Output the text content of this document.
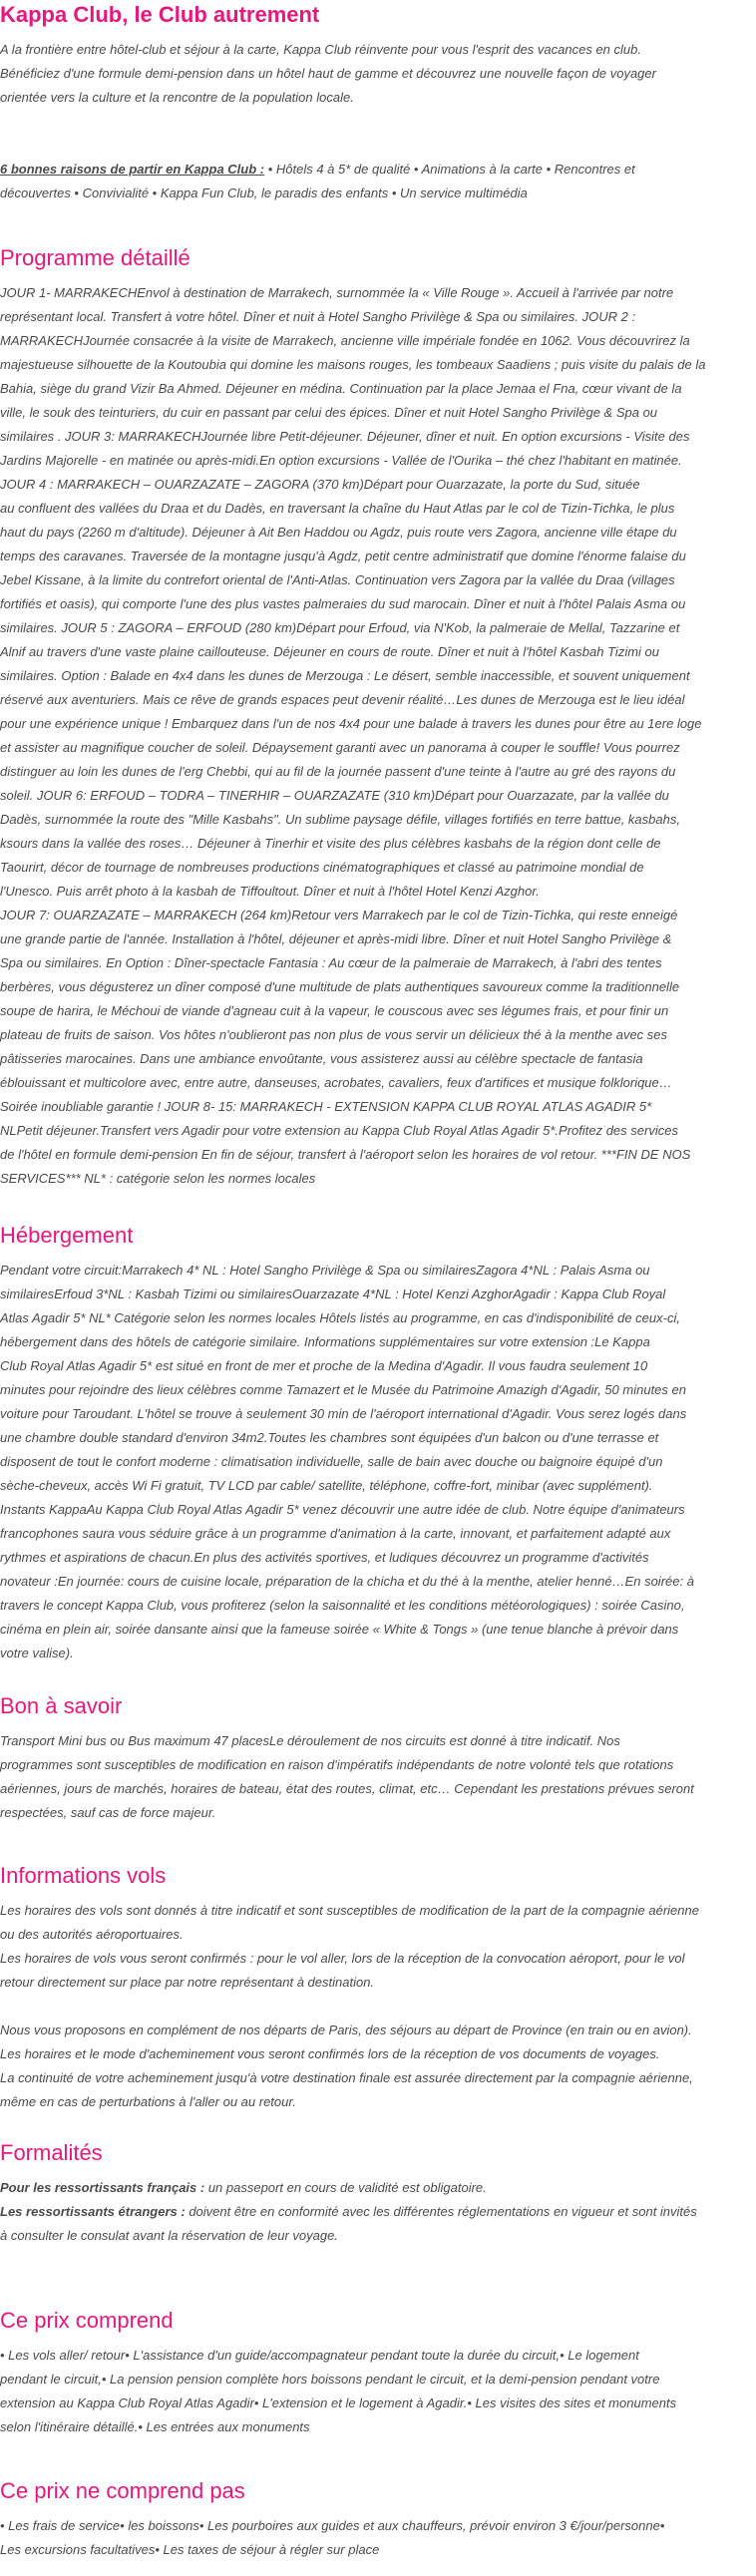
Kappa Club, le Club autrement

A la frontière entre hôtel-club et séjour à la carte, Kappa Club réinvente pour vous l'esprit des vacances en club.

Bénéficiez d'une formule demi-pension dans un hôtel haut de gamme et découvrez une nouvelle façon de voyager

orientée vers la culture et la rencontre de la population locale.

6 bonnes raisons de partir en Kappa Club : • Hôtels 4 à 5* de qualité • Animations à la carte • Rencontres et

découvertes • Convivialité • Kappa Fun Club, le paradis des enfants • Un service multimédia

Programme détaillé

JOUR 1- MARRAKECHEnvol à destination de Marrakech, surnommée la « Ville Rouge ». Accueil à l'arrivée par notre

représentant local. Transfert à votre hôtel. Dîner et nuit à Hotel Sangho Privilège & Spa ou similaires. JOUR 2 :

MARRAKECHJournée consacrée à la visite de Marrakech, ancienne ville impériale fondée en 1062. Vous découvrirez la

majestueuse silhouette de la Koutoubia qui domine les maisons rouges, les tombeaux Saadiens ; puis visite du palais de la

Bahia, siège du grand Vizir Ba Ahmed. Déjeuner en médina. Continuation par la place Jemaa el Fna, cœur vivant de la

ville, le souk des teinturiers, du cuir en passant par celui des épices. Dîner et nuit Hotel Sangho Privilège & Spa ou

similaires . JOUR 3: MARRAKECHJournée libre Petit-déjeuner. Déjeuner, dîner et nuit. En option excursions - Visite des

Jardins Majorelle - en matinée ou après-midi.En option excursions - Vallée de l'Ourika – thé chez l'habitant en matinée.

JOUR 4 : MARRAKECH – OUARZAZATE – ZAGORA (370 km)Départ pour Ouarzazate, la porte du Sud, située

au confluent des vallées du Draa et du Dadès, en traversant la chaîne du Haut Atlas par le col de Tizin-Tichka, le plus

haut du pays (2260 m d'altitude). Déjeuner à Ait Ben Haddou ou Agdz, puis route vers Zagora, ancienne ville étape du

temps des caravanes. Traversée de la montagne jusqu'à Agdz, petit centre administratif que domine l'énorme falaise du

Jebel Kissane, à la limite du contrefort oriental de l'Anti-Atlas. Continuation vers Zagora par la vallée du Draa (villages

fortifiés et oasis), qui comporte l'une des plus vastes palmeraies du sud marocain. Dîner et nuit à l'hôtel Palais Asma ou

similaires. JOUR 5 : ZAGORA – ERFOUD (280 km)Départ pour Erfoud, via N'Kob, la palmeraie de Mellal, Tazzarine et

Alnif au travers d'une vaste plaine caillouteuse. Déjeuner en cours de route. Dîner et nuit à l'hôtel Kasbah Tizimi ou

similaires. Option : Balade en 4x4 dans les dunes de Merzouga : Le désert, semble inaccessible, et souvent uniquement

réservé aux aventuriers. Mais ce rêve de grands espaces peut devenir réalité…Les dunes de Merzouga est le lieu idéal

pour une expérience unique ! Embarquez dans l'un de nos 4x4 pour une balade à travers les dunes pour être au 1ere loge

et assister au magnifique coucher de soleil. Dépaysement garanti avec un panorama à couper le souffle! Vous pourrez

distinguer au loin les dunes de l'erg Chebbi, qui au fil de la journée passent d'une teinte à l'autre au gré des rayons du

soleil. JOUR 6: ERFOUD – TODRA – TINERHIR – OUARZAZATE (310 km)Départ pour Ouarzazate, par la vallée du

Dadès, surnommée la route des "Mille Kasbahs". Un sublime paysage défile, villages fortifiés en terre battue, kasbahs,

ksours dans la vallée des roses… Déjeuner à Tinerhir et visite des plus célèbres kasbahs de la région dont celle de

Taourirt, décor de tournage de nombreuses productions cinématographiques et classé au patrimoine mondial de

l'Unesco. Puis arrêt photo à la kasbah de Tiffoultout. Dîner et nuit à l'hôtel Hotel Kenzi Azghor.

JOUR 7: OUARZAZATE – MARRAKECH (264 km)Retour vers Marrakech par le col de Tizin-Tichka, qui reste enneigé

une grande partie de l'année. Installation à l'hôtel, déjeuner et après-midi libre. Dîner et nuit Hotel Sangho Privilège &

Spa ou similaires. En Option : Dîner-spectacle Fantasia : Au cœur de la palmeraie de Marrakech, à l'abri des tentes

berbères, vous dégusterez un dîner composé d'une multitude de plats authentiques savoureux comme la traditionnelle

soupe de harira, le Méchoui de viande d'agneau cuit à la vapeur, le couscous avec ses légumes frais, et pour finir un

plateau de fruits de saison. Vos hôtes n'oublieront pas non plus de vous servir un délicieux thé à la menthe avec ses

pâtisseries marocaines. Dans une ambiance envoûtante, vous assisterez aussi au célèbre spectacle de fantasia

éblouissant et multicolore avec, entre autre, danseuses, acrobates, cavaliers, feux d'artifices et musique folklorique…

Soirée inoubliable garantie ! JOUR 8- 15: MARRAKECH - EXTENSION KAPPA CLUB ROYAL ATLAS AGADIR 5*

NLPetit déjeuner.Transfert vers Agadir pour votre extension au Kappa Club Royal Atlas Agadir 5*.Profitez des services

de l'hôtel en formule demi-pension En fin de séjour, transfert à l'aéroport selon les horaires de vol retour. ***FIN DE NOS

SERVICES*** NL* : catégorie selon les normes locales

Hébergement

Pendant votre circuit:Marrakech 4* NL : Hotel Sangho Privilège & Spa ou similairesZagora 4*NL : Palais Asma ou

similairesErfoud 3*NL : Kasbah Tizimi ou similairesOuarzazate 4*NL : Hotel Kenzi AzghorAgadir : Kappa Club Royal

Atlas Agadir 5* NL* Catégorie selon les normes locales Hôtels listés au programme, en cas d'indisponibilité de ceux-ci,

hébergement dans des hôtels de catégorie similaire. Informations supplémentaires sur votre extension :Le Kappa

Club Royal Atlas Agadir 5* est situé en front de mer et proche de la Medina d'Agadir. Il vous faudra seulement 10

minutes pour rejoindre des lieux célèbres comme Tamazert et le Musée du Patrimoine Amazigh d'Agadir, 50 minutes en

voiture pour Taroudant. L'hôtel se trouve à seulement 30 min de l'aéroport international d'Agadir. Vous serez logés dans

une chambre double standard d'environ 34m2.Toutes les chambres sont équipées d'un balcon ou d'une terrasse et

disposent de tout le confort moderne : climatisation individuelle, salle de bain avec douche ou baignoire équipé d'un

sèche-cheveux, accès Wi Fi gratuit, TV LCD par cable/ satellite, téléphone, coffre-fort, minibar (avec supplément).

Instants KappaAu Kappa Club Royal Atlas Agadir 5* venez découvrir une autre idée de club. Notre équipe d'animateurs

francophones saura vous séduire grâce à un programme d'animation à la carte, innovant, et parfaitement adapté aux

rythmes et aspirations de chacun.En plus des activités sportives, et ludiques découvrez un programme d'activités

novateur :En journée: cours de cuisine locale, préparation de la chicha et du thé à la menthe, atelier henné…En soirée: à

travers le concept Kappa Club, vous profiterez (selon la saisonnalité et les conditions météorologiques) : soirée Casino,

cinéma en plein air, soirée dansante ainsi que la fameuse soirée « White & Tongs » (une tenue blanche à prévoir dans

votre valise).

Bon à savoir

Transport Mini bus ou Bus maximum 47 placesLe déroulement de nos circuits est donné à titre indicatif. Nos

programmes sont susceptibles de modification en raison d'impératifs indépendants de notre volonté tels que rotations

aériennes, jours de marchés, horaires de bateau, état des routes, climat, etc… Cependant les prestations prévues seront

respectées, sauf cas de force majeur.

Informations vols

Les horaires des vols sont donnés à titre indicatif et sont susceptibles de modification de la part de la compagnie aérienne

ou des autorités aéroportuaires.

Les horaires de vols vous seront confirmés : pour le vol aller, lors de la réception de la convocation aéroport, pour le vol

retour directement sur place par notre représentant à destination.

Nous vous proposons en complément de nos départs de Paris, des séjours au départ de Province (en train ou en avion).

Les horaires et le mode d'acheminement vous seront confirmés lors de la réception de vos documents de voyages.

La continuité de votre acheminement jusqu'à votre destination finale est assurée directement par la compagnie aérienne,

même en cas de perturbations à l'aller ou au retour.

Formalités

Pour les ressortissants français : un passeport en cours de validité est obligatoire.

Les ressortissants étrangers : doivent être en conformité avec les différentes réglementations en vigueur et sont invités

à consulter le consulat avant la réservation de leur voyage.

Ce prix comprend

• Les vols aller/ retour• L'assistance d'un guide/accompagnateur pendant toute la durée du circuit,• Le logement

pendant le circuit,• La pension pension complète hors boissons pendant le circuit, et la demi-pension pendant votre

extension au Kappa Club Royal Atlas Agadir• L'extension et le logement à Agadir.• Les visites des sites et monuments

selon l'itinéraire détaillé.• Les entrées aux monuments

Ce prix ne comprend pas

• Les frais de service• les boissons• Les pourboires aux guides et aux chauffeurs, prévoir environ 3 €/jour/personne•

Les excursions facultatives• Les taxes de séjour à régler sur place
